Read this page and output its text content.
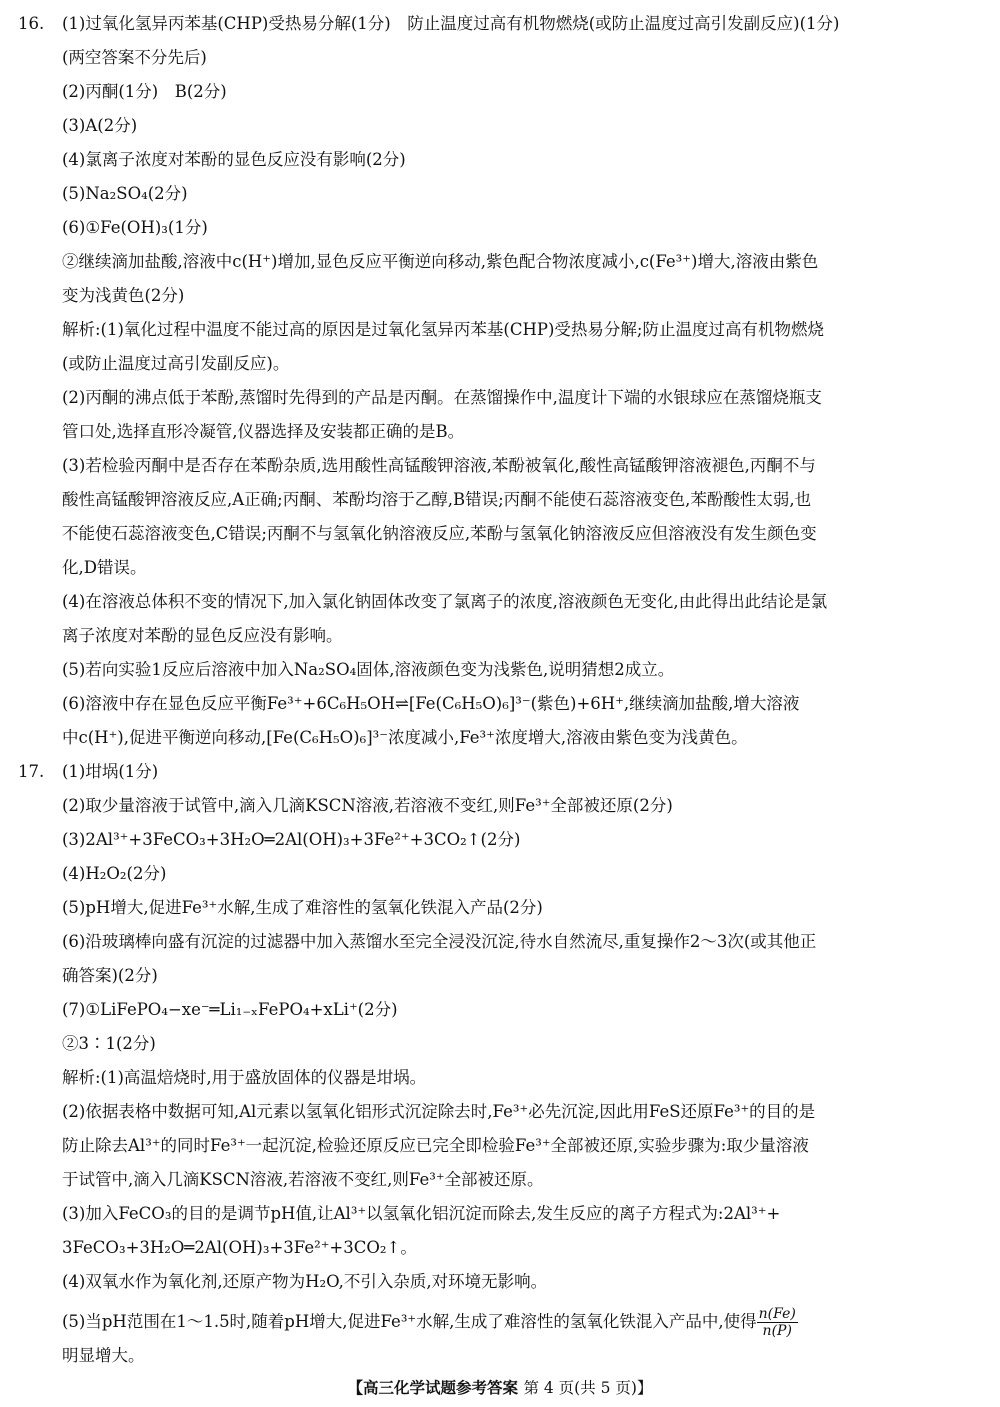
16. (1)过氧化氢异丙苯基(CHP)受热易分解(1分)　防止温度过高有机物燃烧(或防止温度过高引发副反应)(1分)
(两空答案不分先后)
(2)丙酮(1分)　B(2分)
(3)A(2分)
(4)氯离子浓度对苯酚的显色反应没有影响(2分)
(5)Na₂SO₄(2分)
(6)①Fe(OH)₃(1分)
②继续滴加盐酸,溶液中c(H⁺)增加,显色反应平衡逆向移动,紫色配合物浓度减小,c(Fe³⁺)增大,溶液由紫色
变为浅黄色(2分)
解析:(1)氧化过程中温度不能过高的原因是过氧化氢异丙苯基(CHP)受热易分解;防止温度过高有机物燃烧
(或防止温度过高引发副反应)。
(2)丙酮的沸点低于苯酚,蒸馏时先得到的产品是丙酮。在蒸馏操作中,温度计下端的水银球应在蒸馏烧瓶支
管口处,选择直形冷凝管,仪器选择及安装都正确的是B。
(3)若检验丙酮中是否存在苯酚杂质,选用酸性高锰酸钾溶液,苯酚被氧化,酸性高锰酸钾溶液褪色,丙酮不与
酸性高锰酸钾溶液反应,A正确;丙酮、苯酚均溶于乙醇,B错误;丙酮不能使石蕊溶液变色,苯酚酸性太弱,也
不能使石蕊溶液变色,C错误;丙酮不与氢氧化钠溶液反应,苯酚与氢氧化钠溶液反应但溶液没有发生颜色变
化,D错误。
(4)在溶液总体积不变的情况下,加入氯化钠固体改变了氯离子的浓度,溶液颜色无变化,由此得出此结论是氯
离子浓度对苯酚的显色反应没有影响。
(5)若向实验1反应后溶液中加入Na₂SO₄固体,溶液颜色变为浅紫色,说明猜想2成立。
(6)溶液中存在显色反应平衡Fe³⁺+6C₆H₅OH⇌[Fe(C₆H₅O)₆]³⁻(紫色)+6H⁺,继续滴加盐酸,增大溶液
中c(H⁺),促进平衡逆向移动,[Fe(C₆H₅O)₆]³⁻浓度减小,Fe³⁺浓度增大,溶液由紫色变为浅黄色。
17. (1)坩埚(1分)
(2)取少量溶液于试管中,滴入几滴KSCN溶液,若溶液不变红,则Fe³⁺全部被还原(2分)
(3)2Al³⁺+3FeCO₃+3H₂O═2Al(OH)₃+3Fe²⁺+3CO₂↑(2分)
(4)H₂O₂(2分)
(5)pH增大,促进Fe³⁺水解,生成了难溶性的氢氧化铁混入产品(2分)
(6)沿玻璃棒向盛有沉淀的过滤器中加入蒸馏水至完全浸没沉淀,待水自然流尽,重复操作2～3次(或其他正
确答案)(2分)
(7)①LiFePO₄−xe⁻═Li₁₋ₓFePO₄+xLi⁺(2分)
②3∶1(2分)
解析:(1)高温焙烧时,用于盛放固体的仪器是坩埚。
(2)依据表格中数据可知,Al元素以氢氧化铝形式沉淀除去时,Fe³⁺必先沉淀,因此用FeS还原Fe³⁺的目的是
防止除去Al³⁺的同时Fe³⁺一起沉淀,检验还原反应已完全即检验Fe³⁺全部被还原,实验步骤为:取少量溶液
于试管中,滴入几滴KSCN溶液,若溶液不变红,则Fe³⁺全部被还原。
(3)加入FeCO₃的目的是调节pH值,让Al³⁺以氢氧化铝沉淀而除去,发生反应的离子方程式为:2Al³⁺+
3FeCO₃+3H₂O═2Al(OH)₃+3Fe²⁺+3CO₂↑。
(4)双氧水作为氧化剂,还原产物为H₂O,不引入杂质,对环境无影响。
(5)当pH范围在1～1.5时,随着pH增大,促进Fe³⁺水解,生成了难溶性的氢氧化铁混入产品中,使得 $\frac{n(Fe)}{n(P)}$
明显增大。
【高三化学试题参考答案 第 4 页(共 5 页)】
